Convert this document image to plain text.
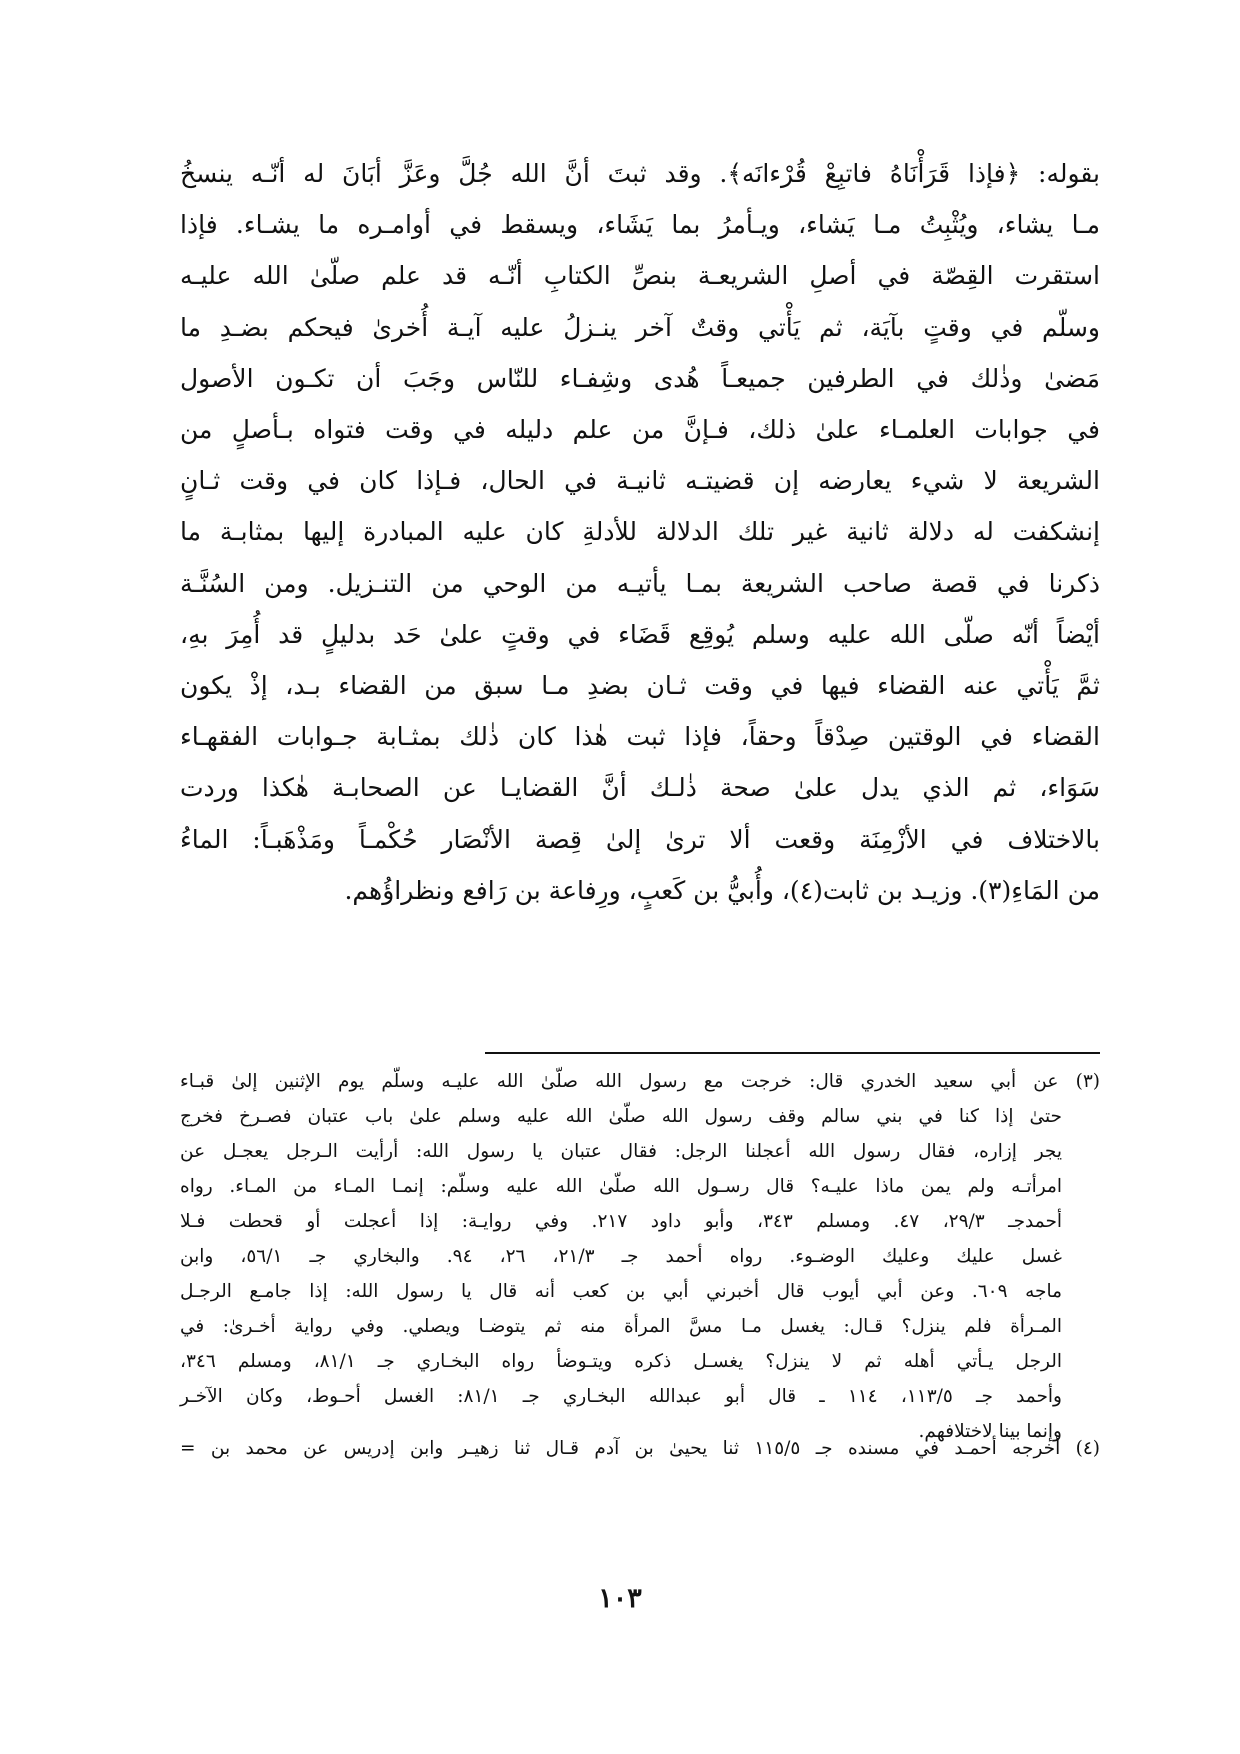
بقوله: ﴿فإذا قَرَأْنَاهُ فاتبِعْ قُرْءانَه﴾. وقد ثبتَ أنَّ الله جُلَّ وعَزَّ أبَانَ له أنّـه ينسخُ
مـا يشاء، ويُثْبِتُ مـا يَشاء، ويـأمرُ بما يَشَاء، ويسقط في أوامـره ما يشـاء. فإذا
استقرت القِصّة في أصلِ الشريعـة بنصِّ الكتابِ أنّـه قد علم صلّىٰ الله عليـه
وسلّم في وقتٍ بآيَة، ثم يَأْتي وقتٌ آخر ينـزلُ عليه آيـة أُخرىٰ فيحكم بضـدِ ما
مَضىٰ وذٰلك في الطرفين جميعـاً هُدى وشِفـاء للنّاس وجَبَ أن تكـون الأصول
في جوابات العلمـاء علىٰ ذلك، فـإنَّ من علم دليله في وقت فتواه بـأصلٍ من
الشريعة لا شيء يعارضه إن قضيتـه ثانيـة في الحال، فـإذا كان في وقت ثـانٍ
إنشكفت له دلالة ثانية غير تلك الدلالة للأدلةِ كان عليه المبادرة إليها بمثابـة ما
ذكرنا في قصة صاحب الشريعة بمـا يأتيـه من الوحي من التنـزيل. ومن السُنَّـة
أيْضاً أنّه صلّى الله عليه وسلم يُوقِع قَضَاء في وقتٍ علىٰ حَد بدليلٍ قد أُمِرَ بهِ،
ثمَّ يَأْتي عنه القضاء فيها في وقت ثـان بضدِ مـا سبق من القضاء بـد، إذْ يكون
القضاء في الوقتين صِدْقاً وحقاً، فإذا ثبت هٰذا كان ذٰلك بمثـابة جـوابات الفقهـاء
سَوَاء، ثم الذي يدل علىٰ صحة ذٰلـك أنَّ القضايـا عن الصحابـة هٰكذا وردت
بالاختلاف في الأزْمِنَة وقعت ألا ترىٰ إلىٰ قِصة الأنْصَار حُكْمـاً ومَذْهَبـاً: الماءُ
من المَاءِ(٣). وزيـد بن ثابت(٤)، وأُبيُّ بن كَعبٍ، ورِفاعة بن رَافع ونظراؤُهم.
(٣) عن أبي سعيد الخدري قال: خرجت مع رسول الله صلّىٰ الله عليـه وسلّم يوم الإثنين إلىٰ قبـاء
حتىٰ إذا كنا في بني سالم وقف رسول الله صلّىٰ الله عليه وسلم علىٰ باب عتبان فصـرخ فخرج
يجر إزاره، فقال رسول الله أعجلنا الرجل: فقال عتبان يا رسول الله: أرأيت الـرجل يعجـل عن
امرأتـه ولم يمن ماذا عليـه؟ قال رسـول الله صلّىٰ الله عليه وسلّم: إنمـا المـاء من المـاء. رواه
أحمدجـ ٢٩/٣، ٤٧. ومسلم ٣٤٣، وأبو داود ٢١٧. وفي روايـة: إذا أعجلت أو قحطت فـلا
غسل عليك وعليك الوضـوء. رواه أحمد جـ ٢١/٣، ٢٦، ٩٤. والبخاري جـ ٥٦/١، وابن
ماجه ٦٠٩. وعن أبي أيوب قال أخبرني أبي بن كعب أنه قال يا رسول الله: إذا جامـع الرجـل
المـرأة فلم ينزل؟ قـال: يغسل مـا مسَّ المرأة منه ثم يتوضـا ويصلي. وفي رواية أخـرىٰ: في
الرجل يـأتي أهله ثم لا ينزل؟ يغسـل ذكره ويتـوضأ رواه البخـاري جـ ٨١/١، ومسلم ٣٤٦،
وأحمد جـ ١١٣/٥، ١١٤ ـ قال أبو عبدالله البخـاري جـ ٨١/١: الغسل أحـوط، وكان الآخـر
وإنما بينا لاختلافهم.
(٤) أخرجه أحمـد في مسنده جـ ١١٥/٥ ثنا يحيىٰ بن آدم قـال ثنا زهيـر وابن إدريس عن محمد بن =
١٠٣
